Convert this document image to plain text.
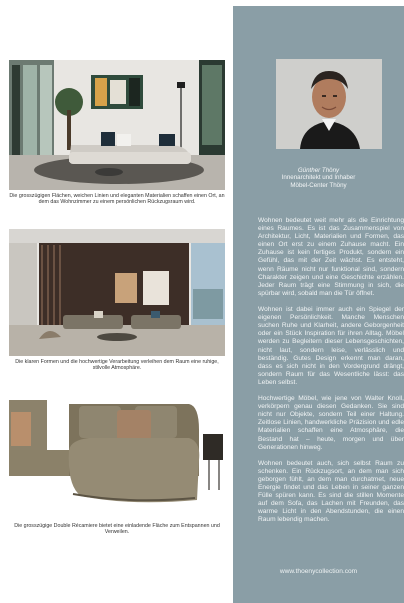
Die grosszügigen Flächen, weichen Linien und eleganten Materialien schaffen einen Ort, an dem das Wohnzimmer zu einem persönlichen Rückzugsraum wird.
Die klaren Formen und die hochwertige Verarbeitung verleihen dem Raum eine ruhige, stilvolle Atmosphäre.
Die grosszügige Double Récamiere bietet eine einladende Fläche zum Entspannen und Verweilen.
Günther Thöny
Innenarchitekt und Inhaber
Möbel-Center Thöny

Wohnen bedeutet weit mehr als die Einrichtung eines Raumes. Es ist das Zusammenspiel von Architektur, Licht, Materialien und Formen, das einen Ort erst zu einem Zuhause macht. Ein Zuhause ist kein fertiges Produkt, sondern ein Gefühl, das mit der Zeit wächst. Es entsteht, wenn Räume nicht nur funktional sind, sondern Charakter zeigen und eine Geschichte erzählen. Jeder Raum trägt eine Stimmung in sich, die spürbar wird, sobald man die Tür öffnet.

Wohnen ist dabei immer auch ein Spiegel der eigenen Persönlichkeit. Manche Menschen suchen Ruhe und Klarheit, andere Geborgenheit oder ein Stück Inspiration für ihren Alltag. Möbel werden zu Begleitern dieser Lebensgeschichten, nicht laut, sondern leise, verlässlich und beständig. Gutes Design erkennt man daran, dass es sich nicht in den Vordergrund drängt, sondern Raum für das Wesentliche lässt: das Leben selbst.

Hochwertige Möbel, wie jene von Walter Knoll, verkörpern genau diesen Gedanken. Sie sind nicht nur Objekte, sondern Teil einer Haltung. Zeitlose Linien, handwerkliche Präzision und edle Materialien schaffen eine Atmosphäre, die Bestand hat – heute, morgen und über Generationen hinweg.

Wohnen bedeutet auch, sich selbst Raum zu schenken. Ein Rückzugsort, an dem man sich geborgen fühlt, an dem man durchatmet, neue Energie findet und das Leben in seiner ganzen Fülle spüren kann. Es sind die stillen Momente auf dem Sofa, das Lachen mit Freunden, das warme Licht in den Abendstunden, die einen Raum lebendig machen.

www.thoenycollection.com
